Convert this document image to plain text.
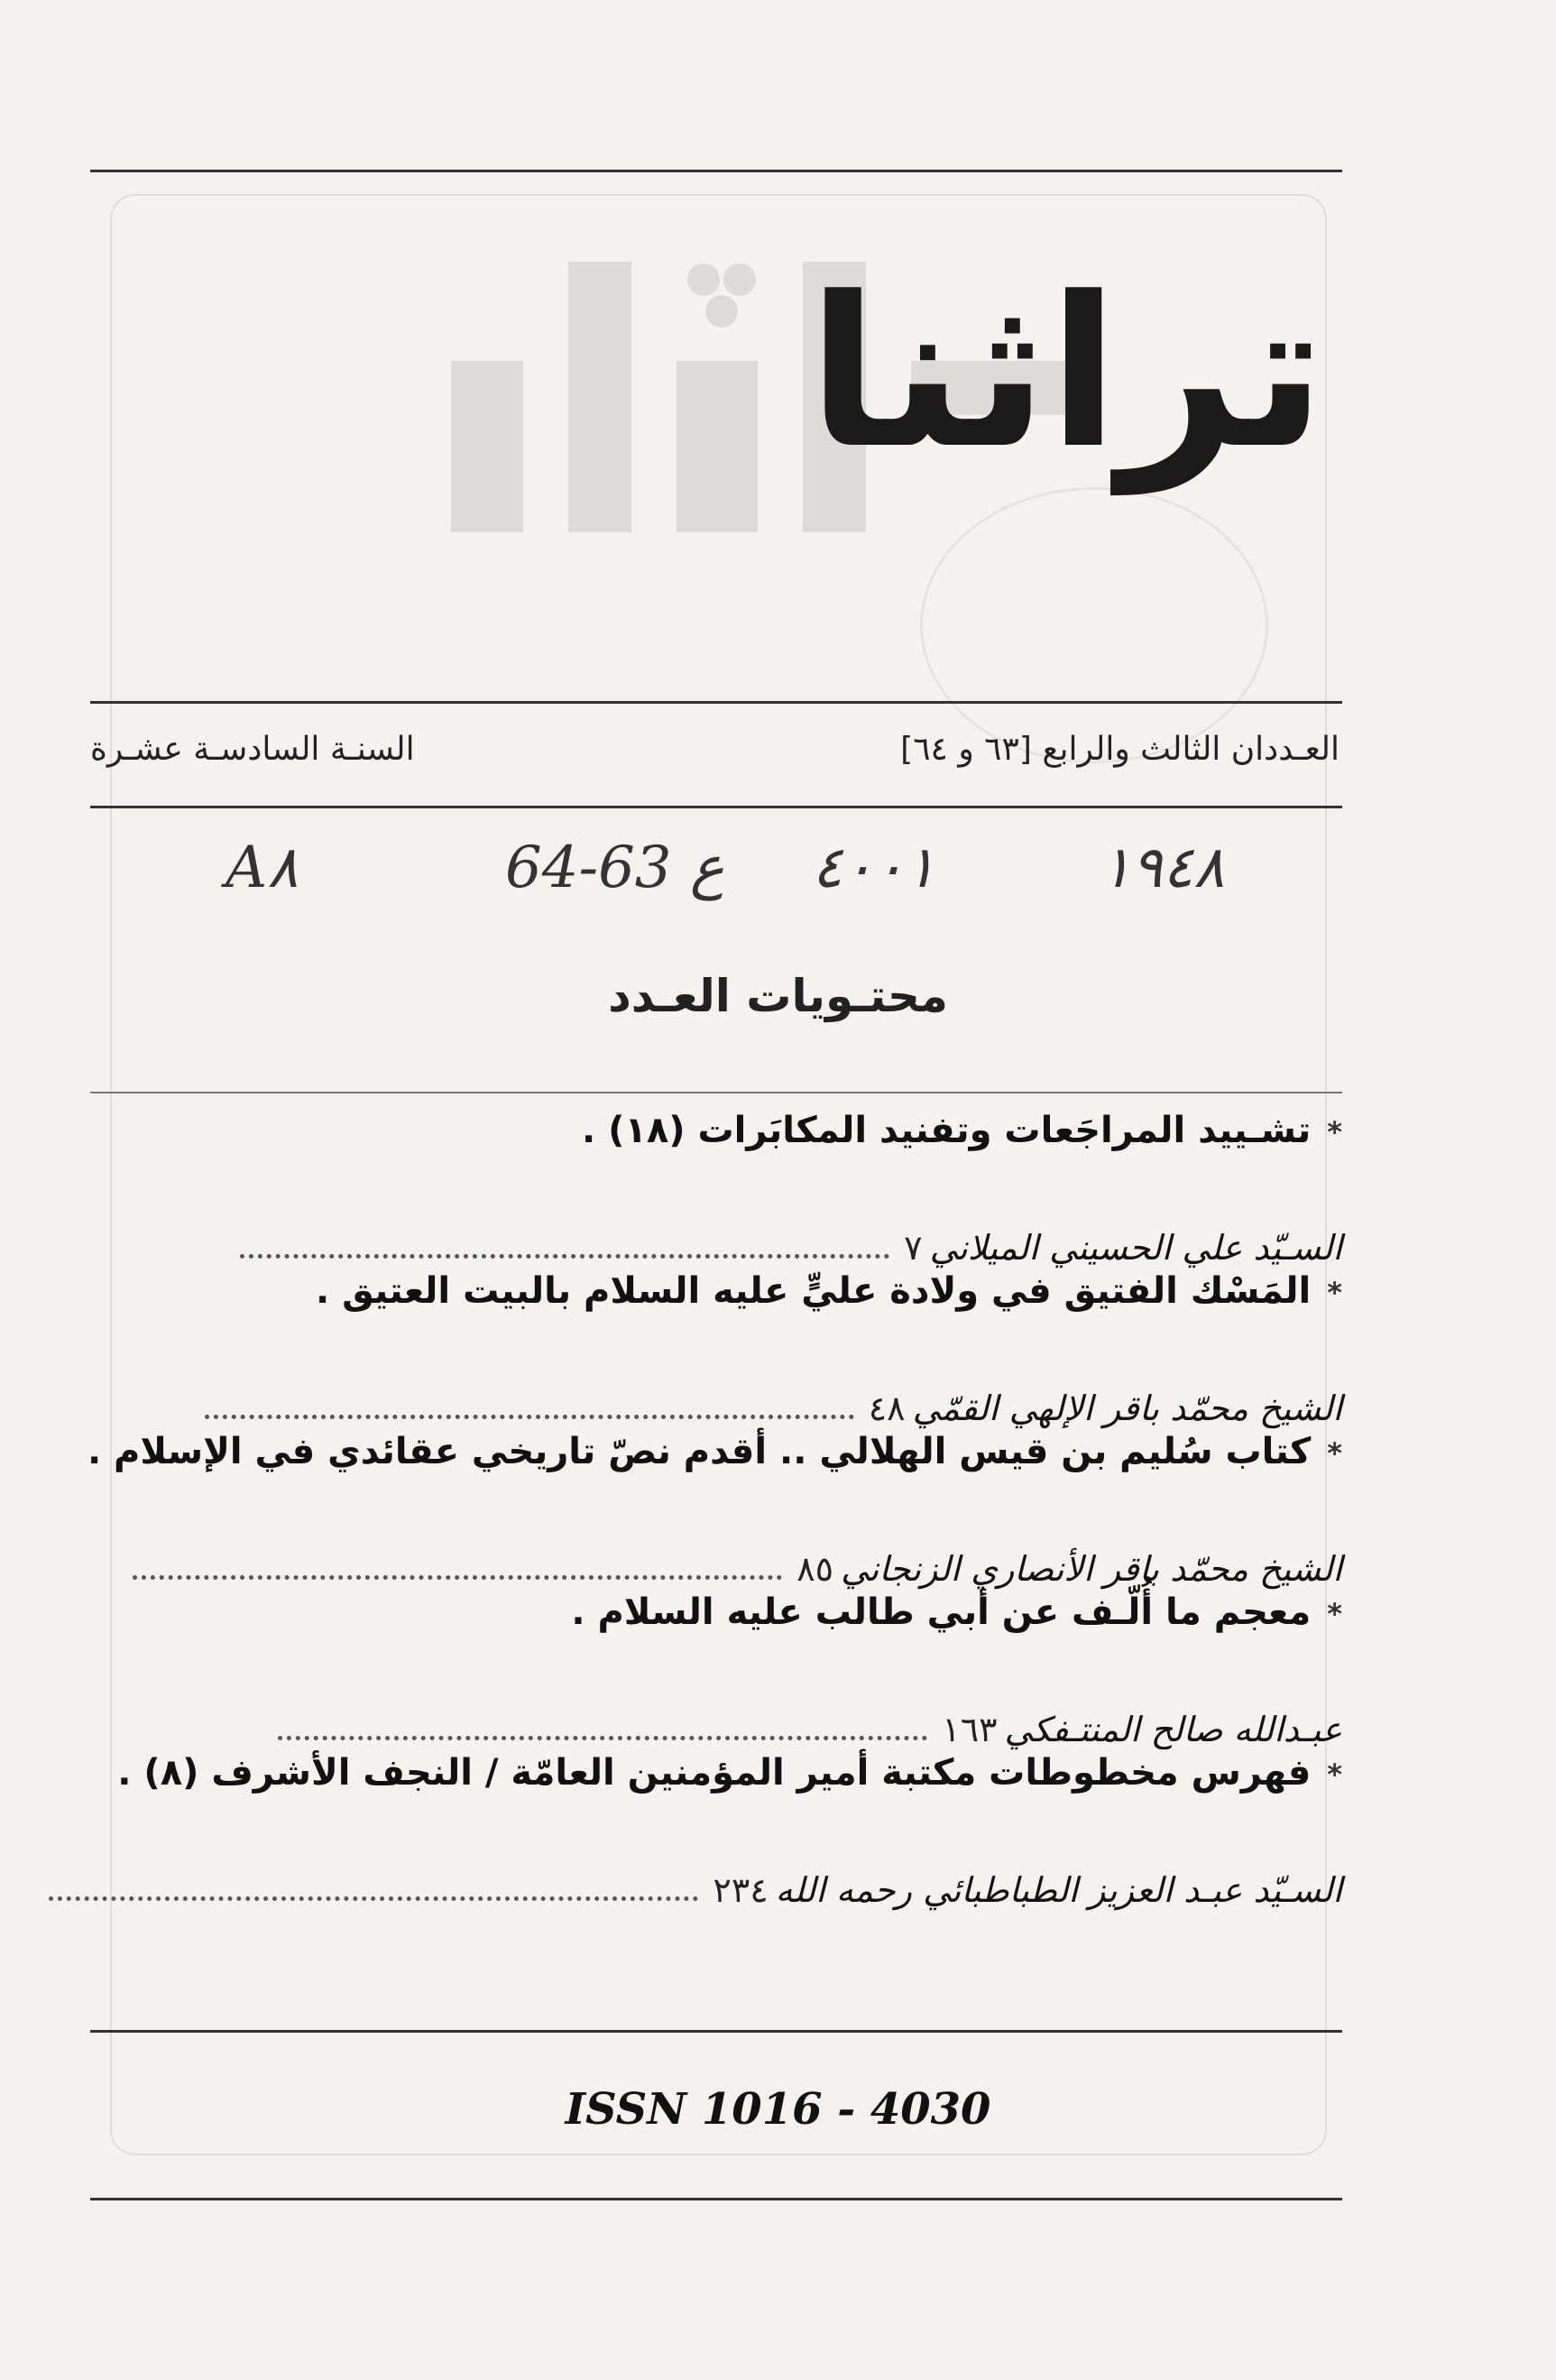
تراثنا
العـددان الثالث والرابع [٦٣ و ٦٤]
السنـة السادسـة عشـرة
A٨	64-63 ع ٤٠٠١	١٩٤٨
محتـويات العـدد
*تشـييد المراجَعات وتفنيد المكابَرات (١٨) .
السـيّد علي الحسيني الميلاني
٧
*المَسْك الفتيق في ولادة عليٍّ عليه السلام بالبيت العتيق .
الشيخ محمّد باقر الإلهي القمّي
٤٨
*كتاب سُليم بن قيس الهلالي .. أقدم نصّ تاريخي عقائدي في الإسلام .
الشيخ محمّد باقر الأنصاري الزنجاني
٨٥
*معجم ما أُلّـف عن أبي طالب عليه السلام .
عبـدالله صالح المنتـفكي
١٦٣
*فهرس مخطوطات مكتبة أمير المؤمنين العامّة / النجف الأشرف (٨) .
السـيّد عبـد العزيز الطباطبائي رحمه الله
٢٣٤
ISSN 1016 - 4030
